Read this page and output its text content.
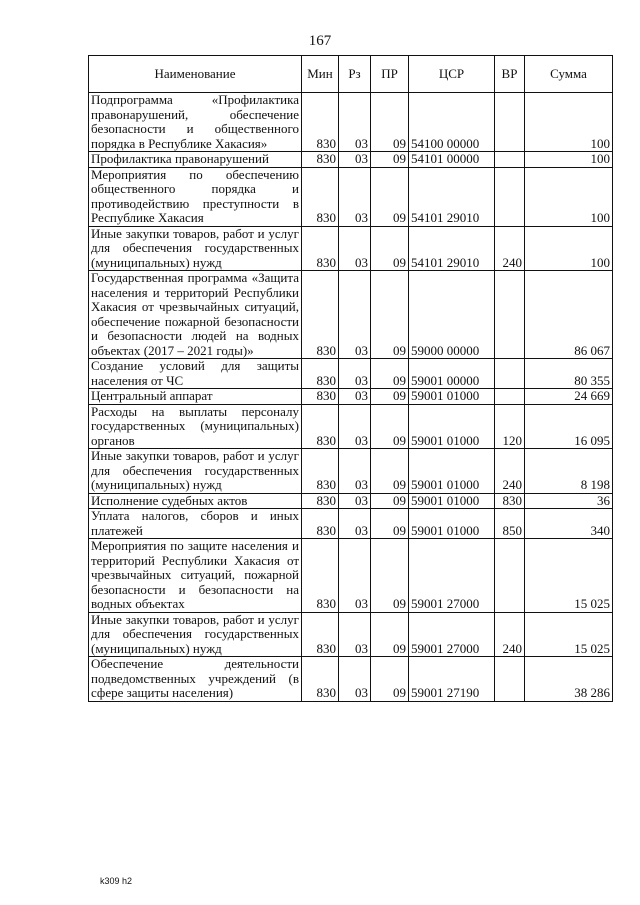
167
Наименование	Мин	Рз	ПР	ЦСР	ВР	Сумма
Подпрограмма «Профилактика правонарушений, обеспечение безопасности и общественного порядка в Республике Хакасия»	830	03	09	54100 00000		100
Профилактика правонарушений	830	03	09	54101 00000		100
Мероприятия по обеспечению общественного порядка и противодействию преступности в Республике Хакасия	830	03	09	54101 29010		100
Иные закупки товаров, работ и услуг для обеспечения государственных (муниципальных) нужд	830	03	09	54101 29010	240	100
Государственная программа «Защита населения и территорий Республики Хакасия от чрезвычайных ситуаций, обеспечение пожарной безопасности и безопасности людей на водных объектах (2017 – 2021 годы)»	830	03	09	59000 00000		86 067
Создание условий для защиты населения от ЧС	830	03	09	59001 00000		80 355
Центральный аппарат	830	03	09	59001 01000		24 669
Расходы на выплаты персоналу государственных (муниципальных) органов	830	03	09	59001 01000	120	16 095
Иные закупки товаров, работ и услуг для обеспечения государственных (муниципальных) нужд	830	03	09	59001 01000	240	8 198
Исполнение судебных актов	830	03	09	59001 01000	830	36
Уплата налогов, сборов и иных платежей	830	03	09	59001 01000	850	340
Мероприятия по защите населения и территорий Республики Хакасия от чрезвычайных ситуаций, пожарной безопасности и безопасности на водных объектах	830	03	09	59001 27000		15 025
Иные закупки товаров, работ и услуг для обеспечения государственных (муниципальных) нужд	830	03	09	59001 27000	240	15 025
Обеспечение деятельности подведомственных учреждений (в сфере защиты населения)	830	03	09	59001 27190		38 286
k309 h2
